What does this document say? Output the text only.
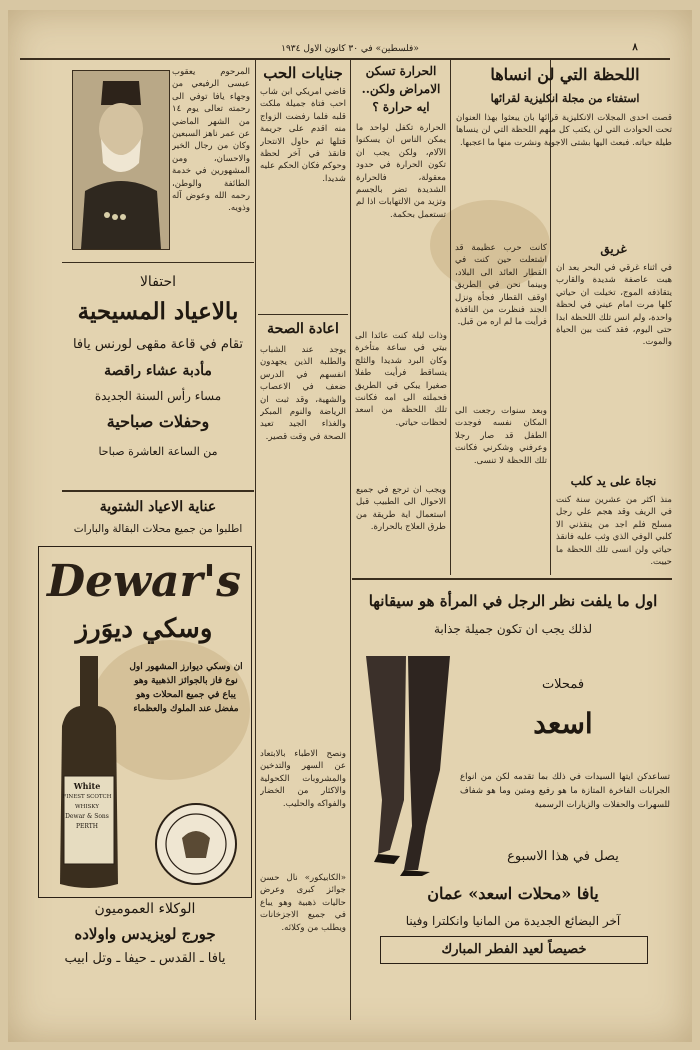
«فلسطين» في ٣٠ كانون الاول ١٩٣٤	٨
اللحظة التي لن انساها
استفتاء من مجلة انكليزية لقرائها
قصت احدى المجلات الانكليزية قرائها بان يبعثوا بهذا العنوان تحت الحوادث التي لن يكتب كل منهم اللحظة التي لن ينساها طيلة حياته. فبعث اليها بشتى الاجوبة ونشرت منها ما اعجبها.
غريق
في اثناء غرقي في البحر بعد ان هبت عاصفة شديدة والقارب يتقاذفه الموج، تخيلت ان حياتي كلها مرت امام عيني في لحظة واحدة، ولم انس تلك اللحظة ابدا حتى اليوم، فقد كنت بين الحياة والموت.
نجاة على يد كلب
منذ اكثر من عشرين سنة كنت في الريف وقد هجم علي رجل مسلح فلم اجد من ينقذني الا كلبي الوفي الذي وثب عليه فانقذ حياتي ولن انسى تلك اللحظة ما حييت.
كانت حرب عظيمة قد اشتعلت حين كنت في القطار العائد الى البلاد، وبينما نحن في الطريق اوقف القطار فجأة ونزل الجند فنظرت من النافذة فرأيت ما لم اره من قبل.
وذات ليلة كنت عائدا الى بيتي في ساعة متأخرة وكان البرد شديدا والثلج يتساقط فرأيت طفلا صغيرا يبكي في الطريق فحملته الى امه فكانت تلك اللحظة من اسعد لحظات حياتي.
وبعد سنوات رجعت الى المكان نفسه فوجدت الطفل قد صار رجلا وعرفني وشكرني فكانت تلك اللحظة لا تنسى.
الحرارة تسكن الامراض ولكن.. ايه حرارة ؟
الحرارة تكفل لواحد ما يمكن الناس ان يسكنوا الآلام، ولكن يجب ان تكون الحرارة في حدود معقولة، فالحرارة الشديدة تضر بالجسم وتزيد من الالتهابات اذا لم تستعمل بحكمة.
ويجب ان ترجع في جميع الاحوال الى الطبيب قبل استعمال اية طريقة من طرق العلاج بالحرارة.
جنايات الحب
قاضي امريكي ابن شاب احب فتاة جميلة ملكت قلبه فلما رفضت الزواج منه اقدم على جريمة قتلها ثم حاول الانتحار فانقذ في آخر لحظة وحوكم فكان الحكم عليه شديدا.
اعادة الصحة
يوجد عند الشباب والطلبة الذين يجهدون انفسهم في الدرس ضعف في الاعصاب والشهية، وقد ثبت ان الرياضة والنوم المبكر والغذاء الجيد تعيد الصحة في وقت قصير.
ونصح الاطباء بالابتعاد عن السهر والتدخين والمشروبات الكحولية والاكثار من الخضار والفواكه والحليب.
«الكابيكور» نال حسن جوائز كبرى وعرض حاليات ذهبية وهو يباع في جميع الاجزخانات ويطلب من وكلائه.
المرحوم يعقوب عيسى الرفيعي من وجهاء يافا توفي الى رحمته تعالى يوم ١٤ من الشهر الماضي عن عمر ناهز السبعين وكان من رجال الخير والاحسان، ومن المشهورين في خدمة الطائفة والوطن، رحمه الله وعوض آله وذويه.
احتفالا
بالاعياد المسيحية
تقام في قاعة مقهى لورنس يافا
مأدبة عشاء راقصة
مساء رأس السنة الجديدة
وحفلات صباحية
من الساعة العاشرة صباحا
عناية الاعياد الشتوية
اطلبوا من جميع محلات البقالة والبارات
Dewar's
وسكي ديوَرز
White
FINEST SCOTCH WHISKY
Dewar & Sons
PERTH
ان وسكي ديوارز المشهور اول نوع فاز بالجوائز الذهبية وهو يباع في جميع المحلات وهو مفضل عند الملوك والعظماء
الوكلاء العموميون
جورج لويزيدس واولاده
يافا ـ القدس ـ حيفا ـ وتل ابيب
اول ما يلفت نظر الرجل في المرأة هو سيقانها
لذلك يجب ان تكون جميلة جذابة
فمحلات
اسعد
تساعدكن ايتها السيدات في ذلك بما تقدمه لكن من انواع الجرابات الفاخرة المتازة ما هو رفيع ومتين وما هو شفاف للسهرات والحفلات والزيارات الرسمية
يصل في هذا الاسبوع
يافا «محلات اسعد» عمان
آخر البضائع الجديدة من المانيا وانكلترا وفينا
خصيصاً لعيد الفطر المبارك
